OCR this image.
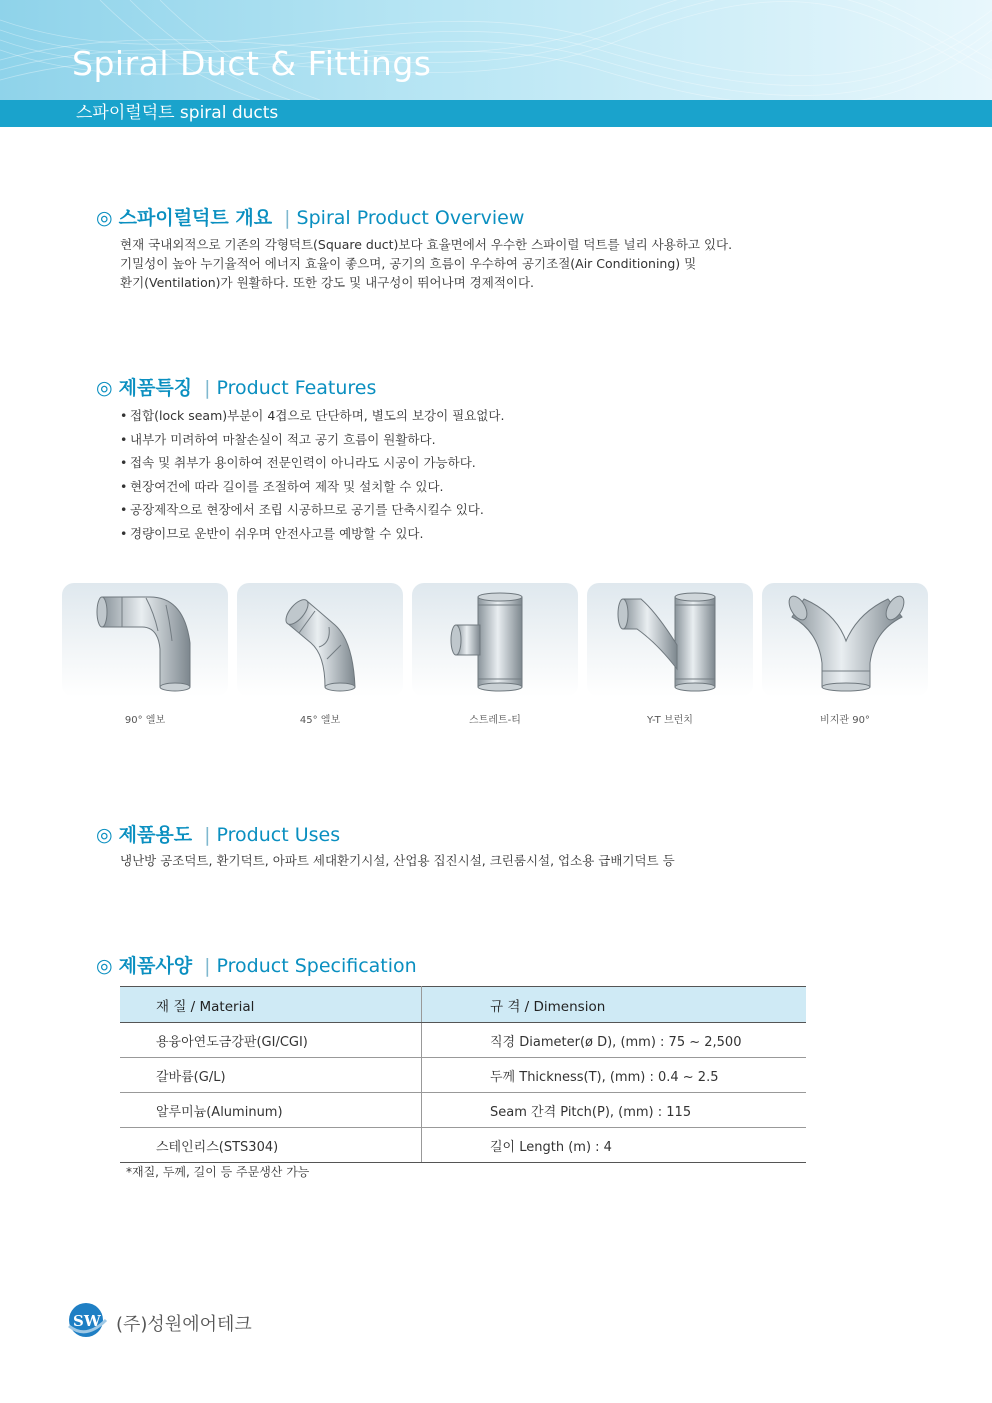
Spiral Duct & Fittings
스파이럴덕트 spiral ducts
◎ 스파이럴덕트 개요 | Spiral Product Overview
현재 국내외적으로 기존의 각형덕트(Square duct)보다 효율면에서 우수한 스파이럴 덕트를 널리 사용하고 있다.
기밀성이 높아 누기율적어 에너지 효율이 좋으며, 공기의 흐름이 우수하여 공기조절(Air Conditioning) 및
환기(Ventilation)가 원활하다. 또한 강도 및 내구성이 뛰어나며 경제적이다.
◎ 제품특징 | Product Features
• 접합(lock seam)부분이 4겹으로 단단하며, 별도의 보강이 필요없다.
• 내부가 미려하여 마찰손실이 적고 공기 흐름이 원활하다.
• 접속 및 취부가 용이하여 전문인력이 아니라도 시공이 가능하다.
• 현장여건에 따라 길이를 조절하여 제작 및 설치할 수 있다.
• 공장제작으로 현장에서 조립 시공하므로 공기를 단축시킬수 있다.
• 경량이므로 운반이 쉬우며 안전사고를 예방할 수 있다.
90° 엘보	45° 엘보	스트레트-티	Y-T 브런치	비지관 90°
◎ 제품용도 | Product Uses
냉난방 공조덕트, 환기덕트, 아파트 세대환기시설, 산업용 집진시설, 크린룸시설, 업소용 급배기덕트 등
◎ 제품사양 | Product Specification
재 질 / Material	규 격 / Dimension
용융아연도금강판(GI/CGI)	직경 Diameter(ø D), (mm) : 75 ~ 2,500
갈바륨(G/L)	두께 Thickness(T), (mm) : 0.4 ~ 2.5
알루미늄(Aluminum)	Seam 간격 Pitch(P), (mm) : 115
스테인리스(STS304)	길이 Length (m) : 4
*재질, 두께, 길이 등 주문생산 가능
SW (주)성원에어테크
